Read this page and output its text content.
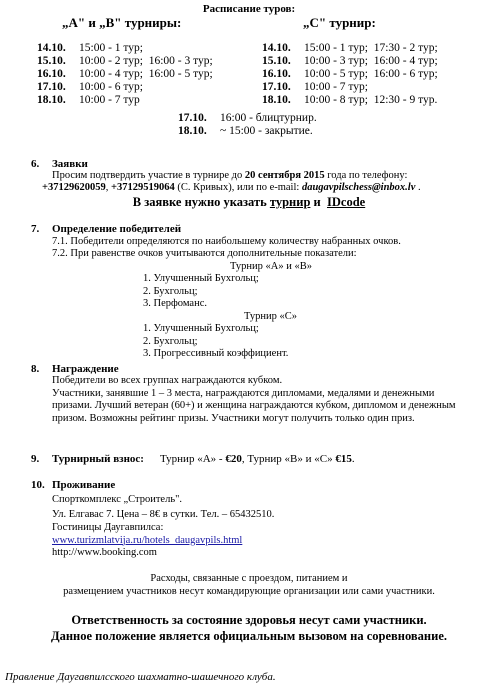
Расписание туров:
„A" и „B" турниры:	„C" турнир:
14.10. 15:00 - 1 тур;
15.10. 10:00 - 2 тур;  16:00 - 3 тур;
16.10. 10:00 - 4 тур;  16:00 - 5 тур;
17.10. 10:00 - 6 тур;
18.10. 10:00 - 7 тур
14.10. 15:00 - 1 тур;  17:30 - 2 тур;
15.10. 10:00 - 3 тур;  16:00 - 4 тур;
16.10. 10:00 - 5 тур;  16:00 - 6 тур;
17.10. 10:00 - 7 тур;
18.10. 10:00 - 8 тур;  12:30 - 9 тур.
17.10. 16:00 - блицтурнир.
18.10. ~ 15:00 - закрытие.
6. Заявки
Просим подтвердить участие в турнире до 20 сентября 2015 года по телефону:
+37129620059, +37129519064 (С. Кривых), или по e-mail: daugavpilschess@inbox.lv .
В заявке нужно указать турнир и  IDcode
7. Определение победителей
7.1. Победители определяются по наибольшему количеству набранных очков.
7.2. При равенстве очков учитываются дополнительные показатели:
Турнир «A» и «B»
1. Улучшенный Бухгольц;
2. Бухгольц;
3. Перфоманс.
Турнир «C»
1. Улучшенный Бухгольц;
2. Бухгольц;
3. Прогрессивный коэффициент.
8. Награждение
Победители во всех группах награждаются кубком.
Участники, занявшие 1 – 3 места, награждаются дипломами, медалями и денежными
призами. Лучший ветеран (60+) и женщина награждаются кубком, дипломом и денежным
призом. Возможны рейтинг призы. Участники могут получить только один приз.
9. Турнирный взнос: Турнир «A» - €20, Турнир «B» и «C» €15.
10. Проживание
Спорткомплекс „Строитель".
Ул. Елгавас 7. Цена – 8€ в сутки. Тел. – 65432510.
Гостиницы Даугавпилса:
www.turizmlatvija.ru/hotels_daugavpils.html
http://www.booking.com
Расходы, связанные с проездом, питанием и
размещением участников несут командирующие организации или сами участники.
Ответственность за состояние здоровья несут сами участники.
Данное положение является официальным вызовом на соревнование.
Правление Даугавпилсского шахматно-шашечного клуба.
